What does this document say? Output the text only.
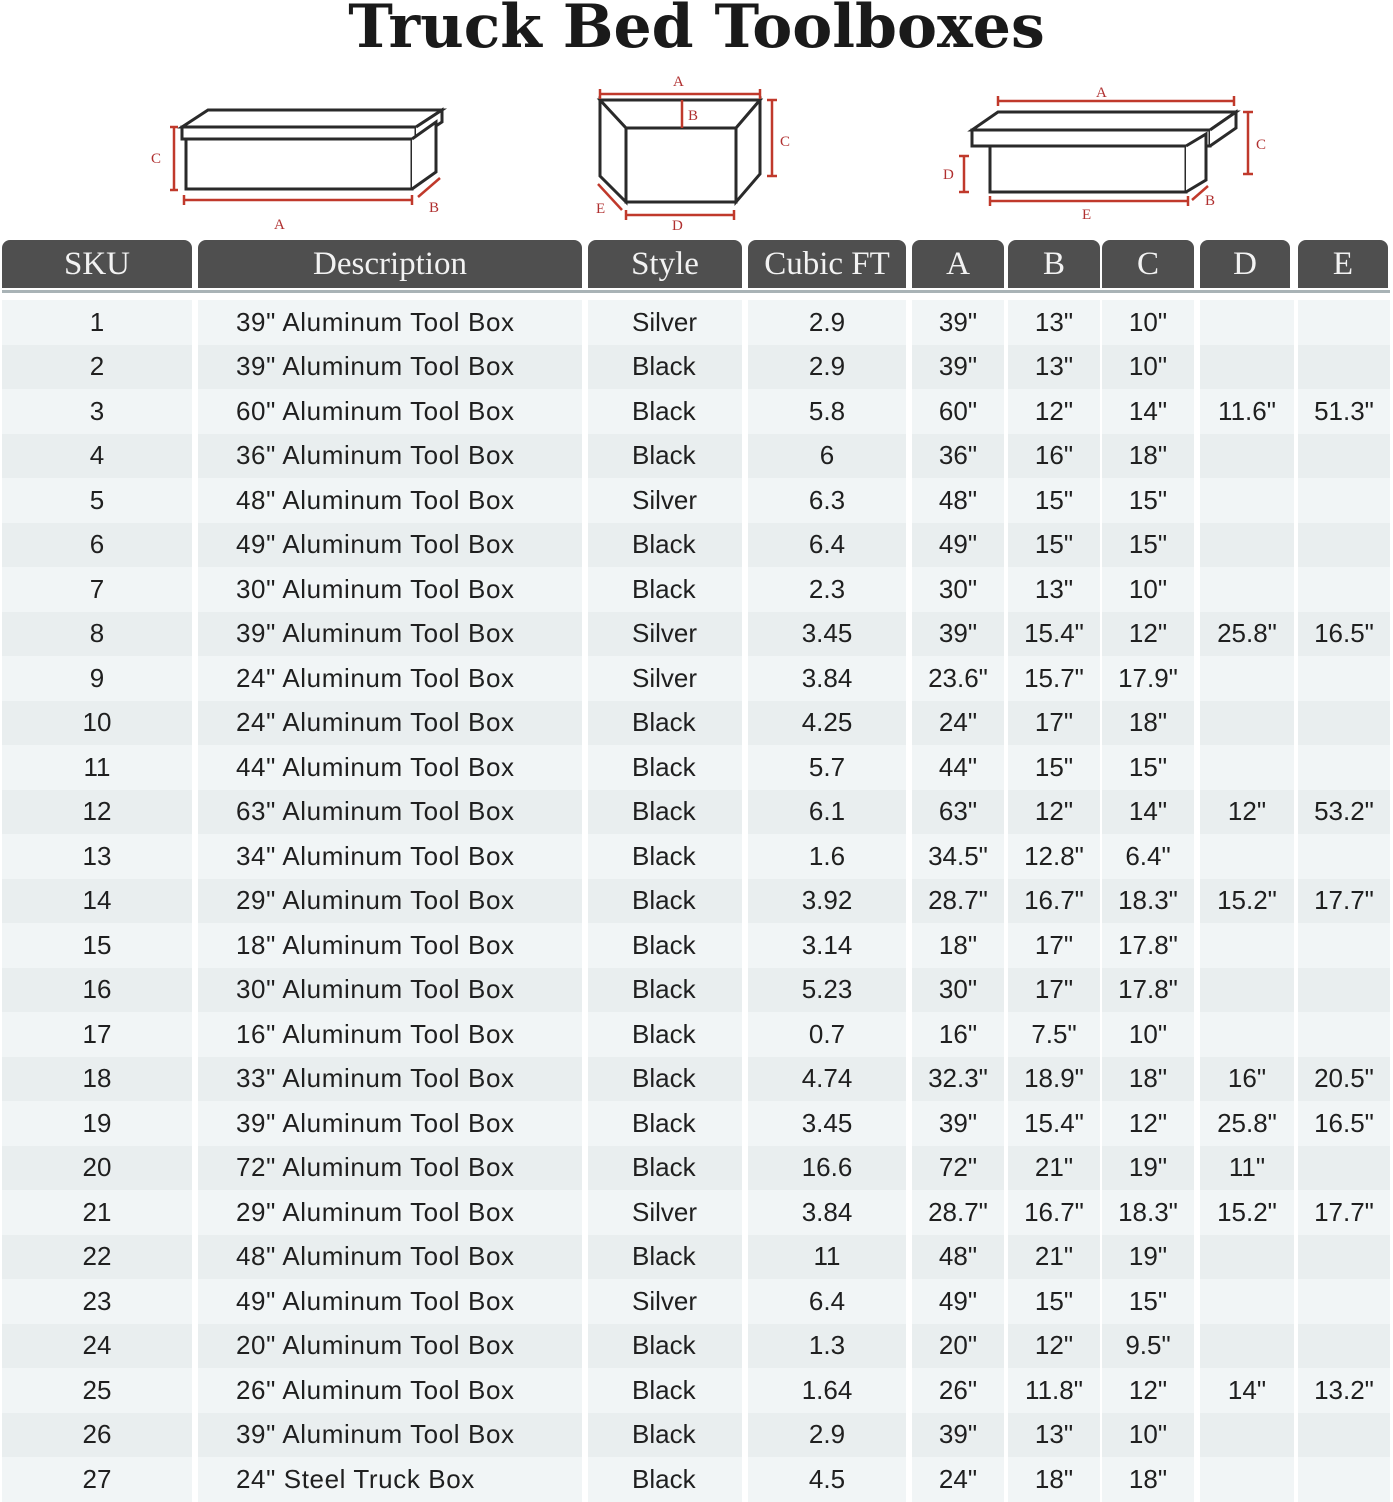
Truck Bed Toolboxes
C
A
B
A
B
C
D
E
A
C
D
E
B
SKU	Description	Style	Cubic FT	A	B	C	D	E
1	39" Aluminum Tool Box	Silver	2.9	39"	13"	10"
2	39" Aluminum Tool Box	Black	2.9	39"	13"	10"
3	60" Aluminum Tool Box	Black	5.8	60"	12"	14"	11.6"	51.3"
4	36" Aluminum Tool Box	Black	6	36"	16"	18"
5	48" Aluminum Tool Box	Silver	6.3	48"	15"	15"
6	49" Aluminum Tool Box	Black	6.4	49"	15"	15"
7	30" Aluminum Tool Box	Black	2.3	30"	13"	10"
8	39" Aluminum Tool Box	Silver	3.45	39"	15.4"	12"	25.8"	16.5"
9	24" Aluminum Tool Box	Silver	3.84	23.6"	15.7"	17.9"
10	24" Aluminum Tool Box	Black	4.25	24"	17"	18"
11	44" Aluminum Tool Box	Black	5.7	44"	15"	15"
12	63" Aluminum Tool Box	Black	6.1	63"	12"	14"	12"	53.2"
13	34" Aluminum Tool Box	Black	1.6	34.5"	12.8"	6.4"
14	29" Aluminum Tool Box	Black	3.92	28.7"	16.7"	18.3"	15.2"	17.7"
15	18" Aluminum Tool Box	Black	3.14	18"	17"	17.8"
16	30" Aluminum Tool Box	Black	5.23	30"	17"	17.8"
17	16" Aluminum Tool Box	Black	0.7	16"	7.5"	10"
18	33" Aluminum Tool Box	Black	4.74	32.3"	18.9"	18"	16"	20.5"
19	39" Aluminum Tool Box	Black	3.45	39"	15.4"	12"	25.8"	16.5"
20	72" Aluminum Tool Box	Black	16.6	72"	21"	19"	11"
21	29" Aluminum Tool Box	Silver	3.84	28.7"	16.7"	18.3"	15.2"	17.7"
22	48" Aluminum Tool Box	Black	11	48"	21"	19"
23	49" Aluminum Tool Box	Silver	6.4	49"	15"	15"
24	20" Aluminum Tool Box	Black	1.3	20"	12"	9.5"
25	26" Aluminum Tool Box	Black	1.64	26"	11.8"	12"	14"	13.2"
26	39" Aluminum Tool Box	Black	2.9	39"	13"	10"
27	24" Steel Truck Box	Black	4.5	24"	18"	18"
